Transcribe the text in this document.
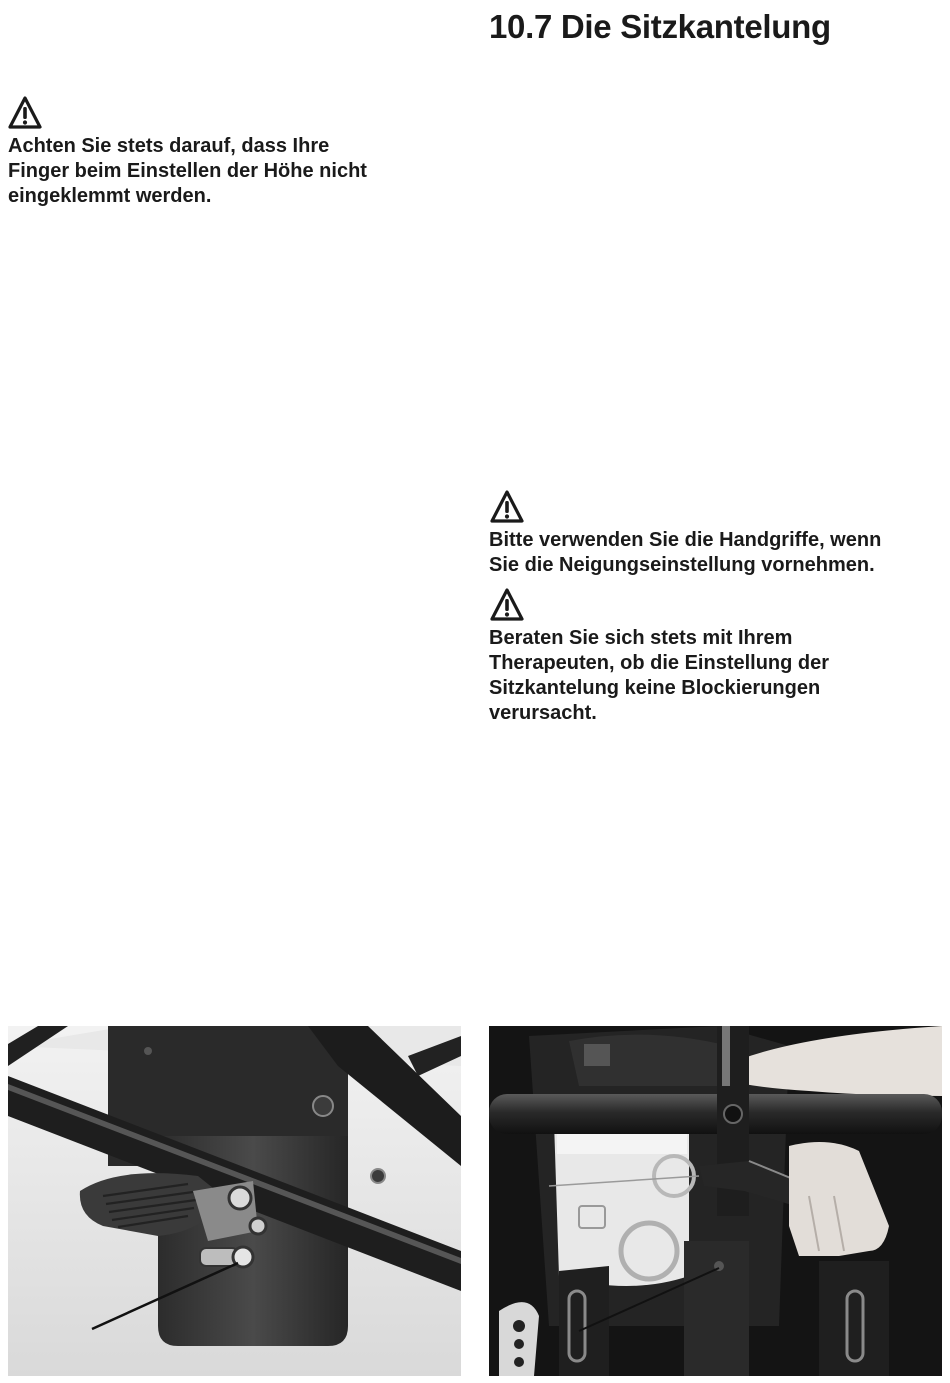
10.7 Die Sitzkantelung

Achten Sie stets darauf, dass Ihre
Finger beim Einstellen der Höhe nicht
eingeklemmt werden.

Bitte verwenden Sie die Handgriffe, wenn
Sie die Neigungseinstellung vornehmen.

Beraten Sie sich stets mit Ihrem
Therapeuten, ob die Einstellung der
Sitzkantelung keine Blockierungen
verursacht.
